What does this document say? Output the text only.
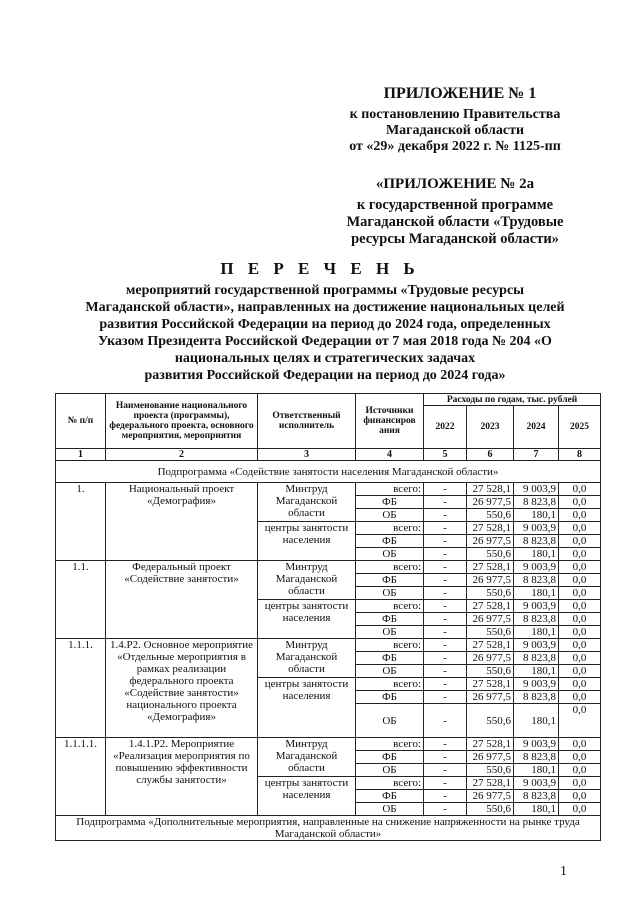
ПРИЛОЖЕНИЕ № 1
к постановлению Правительства
Магаданской области
от «29» декабря 2022 г. № 1125-пп
«ПРИЛОЖЕНИЕ № 2а
к государственной программе
Магаданской области «Трудовые
ресурсы Магаданской области»
П Е Р Е Ч Е Н Ь
мероприятий государственной программы «Трудовые ресурсы
Магаданской области», направленных на достижение национальных целей
развития Российской Федерации на период до 2024 года, определенных
Указом Президента Российской Федерации от 7 мая 2018 года № 204 «О
национальных целях и стратегических задачах
развития Российской Федерации на период до 2024 года»
№ п/п	Наименование национального проекта (программы), федерального проекта, основного мероприятия, мероприятия	Ответственный исполнитель	Источники финансиров ания	Расходы по годам, тыс. рублей			
				2022	2023	2024	2025
1	2	3	4	5	6	7	8
Подпрограмма «Содействие занятости населения Магаданской области»							
1.	Национальный проект «Демография»	Минтруд Магаданской области	всего:	-	27 528,1	9 003,9	0,0
			ФБ	-	26 977,5	8 823,8	0,0
			ОБ	-	550,6	180,1	0,0
		центры занятости населения	всего:	-	27 528,1	9 003,9	0,0
			ФБ	-	26 977,5	8 823,8	0,0
			ОБ	-	550,6	180,1	0,0
1.1.	Федеральный проект «Содействие занятости»	Минтруд Магаданской области	всего:	-	27 528,1	9 003,9	0,0
			ФБ	-	26 977,5	8 823,8	0,0
			ОБ	-	550,6	180,1	0,0
		центры занятости населения	всего:	-	27 528,1	9 003,9	0,0
			ФБ	-	26 977,5	8 823,8	0,0
			ОБ	-	550,6	180,1	0,0
1.1.1.	1.4.Р2. Основное мероприятие «Отдельные мероприятия в рамках реализации федерального проекта «Содействие занятости» национального проекта «Демография»	Минтруд Магаданской области	всего:	-	27 528,1	9 003,9	0,0
			ФБ	-	26 977,5	8 823,8	0,0
			ОБ	-	550,6	180,1	0,0
		центры занятости населения	всего:	-	27 528,1	9 003,9	0,0
			ФБ	-	26 977,5	8 823,8	0,0
			ОБ	-	550,6	180,1	0,0
1.1.1.1.	1.4.1.Р2. Мероприятие «Реализация мероприятия по повышению эффективности службы занятости»	Минтруд Магаданской области	всего:	-	27 528,1	9 003,9	0,0
			ФБ	-	26 977,5	8 823,8	0,0
			ОБ	-	550,6	180,1	0,0
		центры занятости населения	всего:	-	27 528,1	9 003,9	0,0
			ФБ	-	26 977,5	8 823,8	0,0
			ОБ	-	550,6	180,1	0,0
Подпрограмма «Дополнительные мероприятия, направленные на снижение напряженности на рынке труда Магаданской области»							
1
